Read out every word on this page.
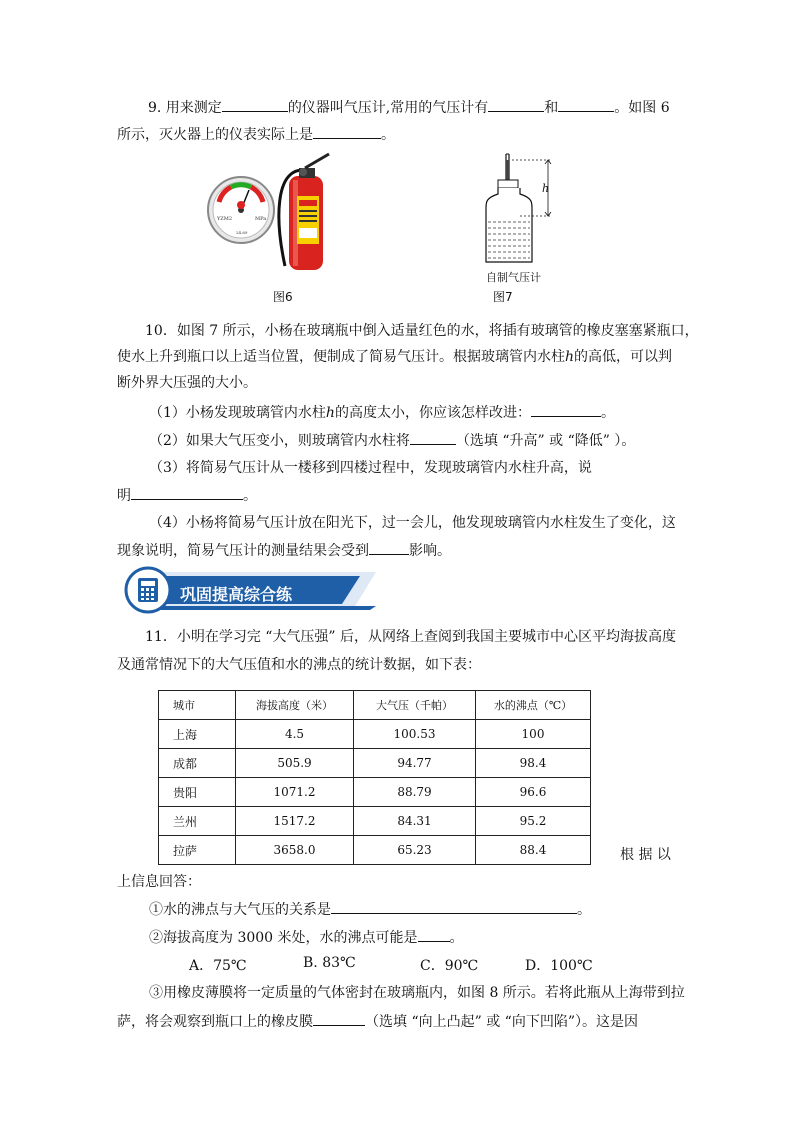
9. 用来测定	的仪器叫气压计,常用的气压计有	和	。如图 6
所示，灭火器上的仪表实际上是	。
YZM2	MPa
24.69
图6
h
自制气压计
图7
10．如图 7 所示，小杨在玻璃瓶中倒入适量红色的水，将插有玻璃管的橡皮塞塞紧瓶口，
使水上升到瓶口以上适当位置，便制成了简易气压计。根据玻璃管内水柱h的高低，可以判
断外界大压强的大小。
（1）小杨发现玻璃管内水柱h的高度太小，你应该怎样改进：	。
（2）如果大气压变小，则玻璃管内水柱将	（选填 “升高” 或 “降低” ）。
（3）将简易气压计从一楼移到四楼过程中，发现玻璃管内水柱升高，说
明	。
（4）小杨将简易气压计放在阳光下，过一会儿，他发现玻璃管内水柱发生了变化，这
现象说明，简易气压计的测量结果会受到	影响。
巩固提高综合练
11．小明在学习完 “大气压强” 后，从网络上查阅到我国主要城市中心区平均海拔高度
及通常情况下的大气压值和水的沸点的统计数据，如下表：
城市	海拔高度（米）	大气压（千帕）	水的沸点（℃）
上海	4.5	100.53	100
成都	505.9	94.77	98.4
贵阳	1071.2	88.79	96.6
兰州	1517.2	84.31	95.2
拉萨	3658.0	65.23	88.4	根 据 以
上信息回答：
①水的沸点与大气压的关系是	。
②海拔高度为 3000 米处，水的沸点可能是 。
A．75℃	B. 83℃	C．90℃	D．100℃
③用橡皮薄膜将一定质量的气体密封在玻璃瓶内，如图 8 所示。若将此瓶从上海带到拉
萨，将会观察到瓶口上的橡皮膜	（选填 “向上凸起” 或 “向下凹陷”）。这是因
